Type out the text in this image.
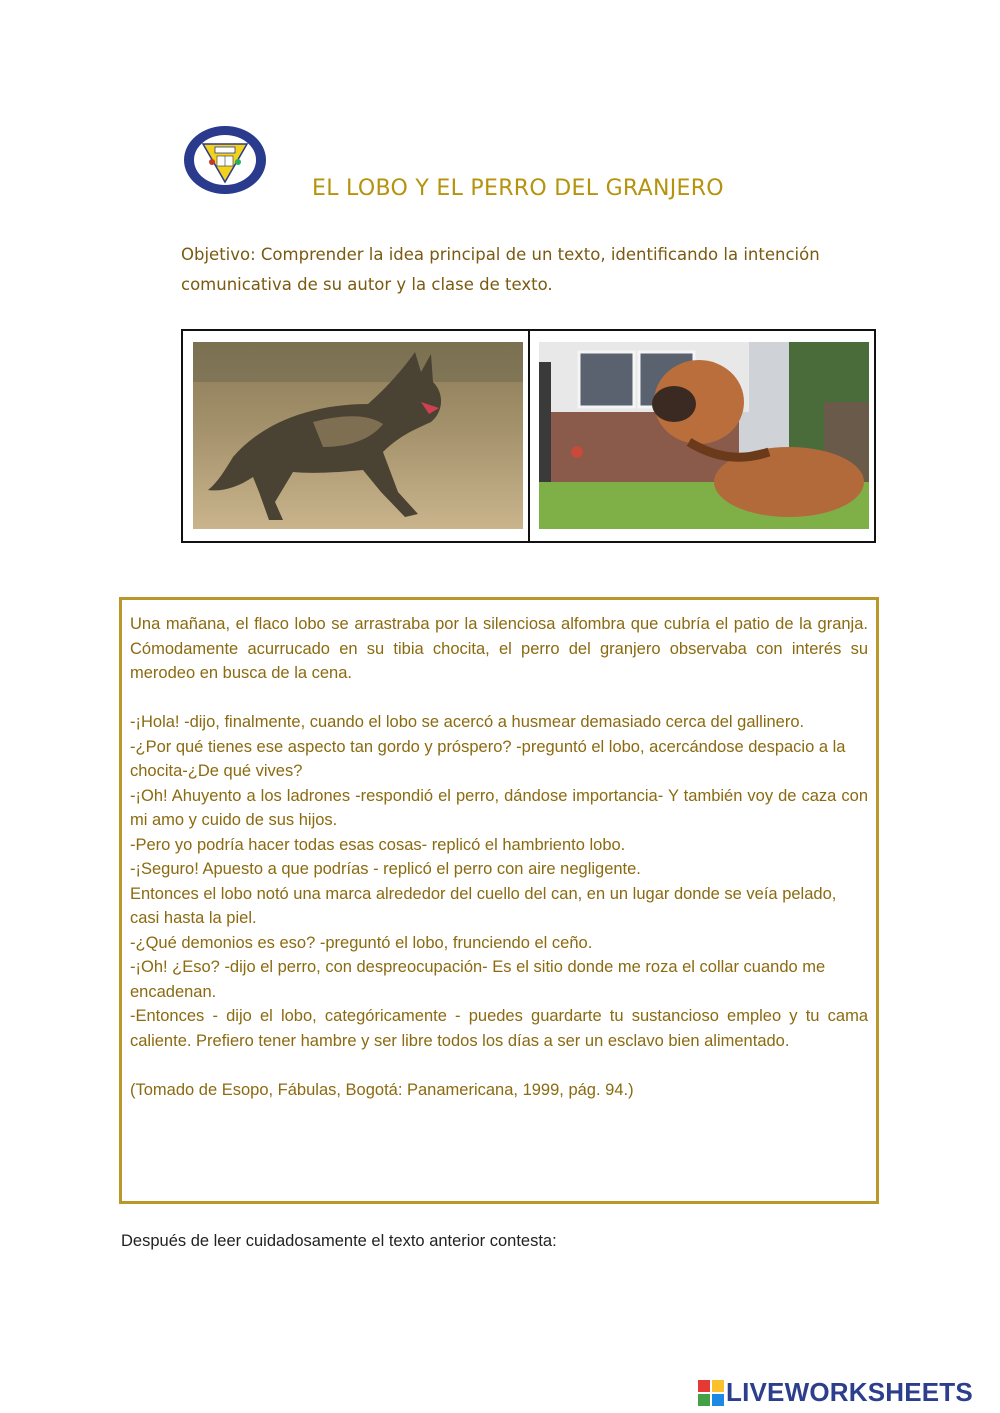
EL LOBO Y EL PERRO DEL GRANJERO
Objetivo: Comprender la idea principal de un texto, identificando la intención comunicativa de su autor y la clase de texto.

Una mañana, el flaco lobo se arrastraba por la silenciosa alfombra que cubría el patio de la granja. Cómodamente acurrucado en su tibia chocita, el perro del granjero observaba con interés su merodeo en busca de la cena.

-¡Hola! -dijo, finalmente, cuando el lobo se acercó a husmear demasiado cerca del gallinero.

-¿Por qué tienes ese aspecto tan gordo y próspero? -preguntó el lobo, acercándose despacio a la chocita-¿De qué vives?

-¡Oh! Ahuyento a los ladrones -respondió el perro, dándose importancia- Y también voy de caza con mi amo y cuido de sus hijos.

-Pero yo podría hacer todas esas cosas- replicó el hambriento lobo.

-¡Seguro! Apuesto a que podrías - replicó el perro con aire negligente.

Entonces el lobo notó una marca alrededor del cuello del can, en un lugar donde se veía pelado, casi hasta la piel.

-¿Qué demonios es eso? -preguntó el lobo, frunciendo el ceño.

-¡Oh! ¿Eso? -dijo el perro, con despreocupación- Es el sitio donde me roza el collar cuando me encadenan.

-Entonces - dijo el lobo, categóricamente - puedes guardarte tu sustancioso empleo y tu cama caliente. Prefiero tener hambre y ser libre todos los días a ser un esclavo bien alimentado.

(Tomado de Esopo, Fábulas, Bogotá: Panamericana, 1999, pág. 94.)

Después de leer cuidadosamente el texto anterior contesta:
LIVEWORKSHEETS
